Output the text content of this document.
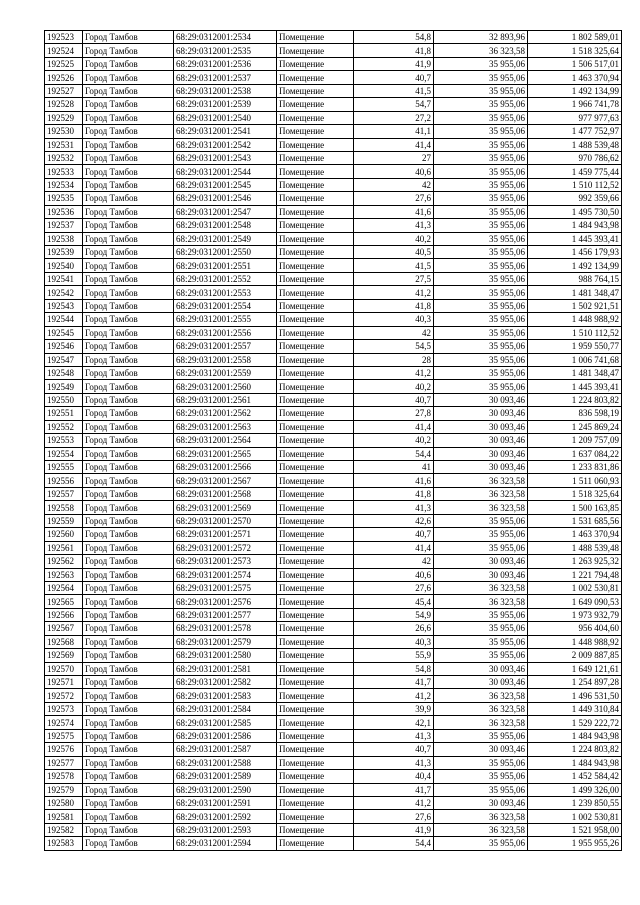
192523	Город Тамбов	68:29:0312001:2534	Помещение	54,8	32 893,96	1 802 589,01
192524	Город Тамбов	68:29:0312001:2535	Помещение	41,8	36 323,58	1 518 325,64
192525	Город Тамбов	68:29:0312001:2536	Помещение	41,9	35 955,06	1 506 517,01
192526	Город Тамбов	68:29:0312001:2537	Помещение	40,7	35 955,06	1 463 370,94
192527	Город Тамбов	68:29:0312001:2538	Помещение	41,5	35 955,06	1 492 134,99
192528	Город Тамбов	68:29:0312001:2539	Помещение	54,7	35 955,06	1 966 741,78
192529	Город Тамбов	68:29:0312001:2540	Помещение	27,2	35 955,06	977 977,63
192530	Город Тамбов	68:29:0312001:2541	Помещение	41,1	35 955,06	1 477 752,97
192531	Город Тамбов	68:29:0312001:2542	Помещение	41,4	35 955,06	1 488 539,48
192532	Город Тамбов	68:29:0312001:2543	Помещение	27	35 955,06	970 786,62
192533	Город Тамбов	68:29:0312001:2544	Помещение	40,6	35 955,06	1 459 775,44
192534	Город Тамбов	68:29:0312001:2545	Помещение	42	35 955,06	1 510 112,52
192535	Город Тамбов	68:29:0312001:2546	Помещение	27,6	35 955,06	992 359,66
192536	Город Тамбов	68:29:0312001:2547	Помещение	41,6	35 955,06	1 495 730,50
192537	Город Тамбов	68:29:0312001:2548	Помещение	41,3	35 955,06	1 484 943,98
192538	Город Тамбов	68:29:0312001:2549	Помещение	40,2	35 955,06	1 445 393,41
192539	Город Тамбов	68:29:0312001:2550	Помещение	40,5	35 955,06	1 456 179,93
192540	Город Тамбов	68:29:0312001:2551	Помещение	41,5	35 955,06	1 492 134,99
192541	Город Тамбов	68:29:0312001:2552	Помещение	27,5	35 955,06	988 764,15
192542	Город Тамбов	68:29:0312001:2553	Помещение	41,2	35 955,06	1 481 348,47
192543	Город Тамбов	68:29:0312001:2554	Помещение	41,8	35 955,06	1 502 921,51
192544	Город Тамбов	68:29:0312001:2555	Помещение	40,3	35 955,06	1 448 988,92
192545	Город Тамбов	68:29:0312001:2556	Помещение	42	35 955,06	1 510 112,52
192546	Город Тамбов	68:29:0312001:2557	Помещение	54,5	35 955,06	1 959 550,77
192547	Город Тамбов	68:29:0312001:2558	Помещение	28	35 955,06	1 006 741,68
192548	Город Тамбов	68:29:0312001:2559	Помещение	41,2	35 955,06	1 481 348,47
192549	Город Тамбов	68:29:0312001:2560	Помещение	40,2	35 955,06	1 445 393,41
192550	Город Тамбов	68:29:0312001:2561	Помещение	40,7	30 093,46	1 224 803,82
192551	Город Тамбов	68:29:0312001:2562	Помещение	27,8	30 093,46	836 598,19
192552	Город Тамбов	68:29:0312001:2563	Помещение	41,4	30 093,46	1 245 869,24
192553	Город Тамбов	68:29:0312001:2564	Помещение	40,2	30 093,46	1 209 757,09
192554	Город Тамбов	68:29:0312001:2565	Помещение	54,4	30 093,46	1 637 084,22
192555	Город Тамбов	68:29:0312001:2566	Помещение	41	30 093,46	1 233 831,86
192556	Город Тамбов	68:29:0312001:2567	Помещение	41,6	36 323,58	1 511 060,93
192557	Город Тамбов	68:29:0312001:2568	Помещение	41,8	36 323,58	1 518 325,64
192558	Город Тамбов	68:29:0312001:2569	Помещение	41,3	36 323,58	1 500 163,85
192559	Город Тамбов	68:29:0312001:2570	Помещение	42,6	35 955,06	1 531 685,56
192560	Город Тамбов	68:29:0312001:2571	Помещение	40,7	35 955,06	1 463 370,94
192561	Город Тамбов	68:29:0312001:2572	Помещение	41,4	35 955,06	1 488 539,48
192562	Город Тамбов	68:29:0312001:2573	Помещение	42	30 093,46	1 263 925,32
192563	Город Тамбов	68:29:0312001:2574	Помещение	40,6	30 093,46	1 221 794,48
192564	Город Тамбов	68:29:0312001:2575	Помещение	27,6	36 323,58	1 002 530,81
192565	Город Тамбов	68:29:0312001:2576	Помещение	45,4	36 323,58	1 649 090,53
192566	Город Тамбов	68:29:0312001:2577	Помещение	54,9	35 955,06	1 973 932,79
192567	Город Тамбов	68:29:0312001:2578	Помещение	26,6	35 955,06	956 404,60
192568	Город Тамбов	68:29:0312001:2579	Помещение	40,3	35 955,06	1 448 988,92
192569	Город Тамбов	68:29:0312001:2580	Помещение	55,9	35 955,06	2 009 887,85
192570	Город Тамбов	68:29:0312001:2581	Помещение	54,8	30 093,46	1 649 121,61
192571	Город Тамбов	68:29:0312001:2582	Помещение	41,7	30 093,46	1 254 897,28
192572	Город Тамбов	68:29:0312001:2583	Помещение	41,2	36 323,58	1 496 531,50
192573	Город Тамбов	68:29:0312001:2584	Помещение	39,9	36 323,58	1 449 310,84
192574	Город Тамбов	68:29:0312001:2585	Помещение	42,1	36 323,58	1 529 222,72
192575	Город Тамбов	68:29:0312001:2586	Помещение	41,3	35 955,06	1 484 943,98
192576	Город Тамбов	68:29:0312001:2587	Помещение	40,7	30 093,46	1 224 803,82
192577	Город Тамбов	68:29:0312001:2588	Помещение	41,3	35 955,06	1 484 943,98
192578	Город Тамбов	68:29:0312001:2589	Помещение	40,4	35 955,06	1 452 584,42
192579	Город Тамбов	68:29:0312001:2590	Помещение	41,7	35 955,06	1 499 326,00
192580	Город Тамбов	68:29:0312001:2591	Помещение	41,2	30 093,46	1 239 850,55
192581	Город Тамбов	68:29:0312001:2592	Помещение	27,6	36 323,58	1 002 530,81
192582	Город Тамбов	68:29:0312001:2593	Помещение	41,9	36 323,58	1 521 958,00
192583	Город Тамбов	68:29:0312001:2594	Помещение	54,4	35 955,06	1 955 955,26
